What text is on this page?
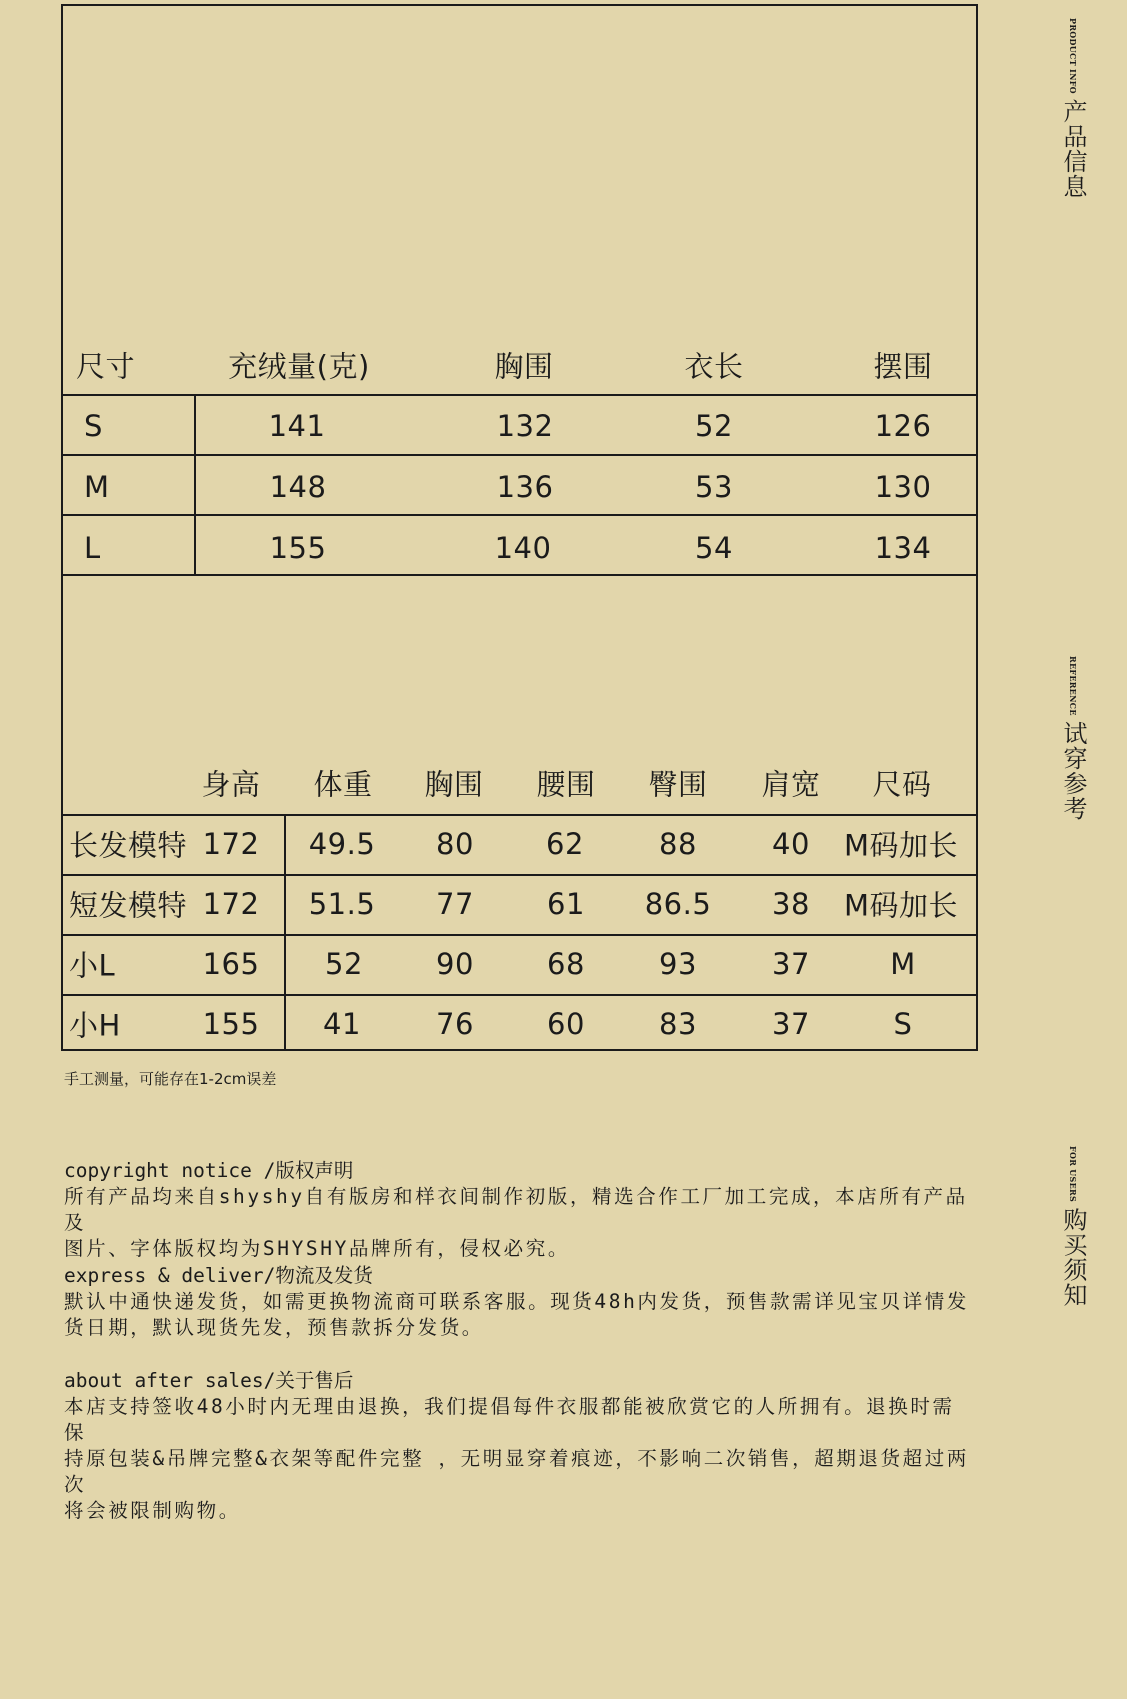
尺寸	充绒量(克)	胸围	衣长	摆围
S	141	132	52	126
M	148	136	53	130
L	155	140	54	134
身高 体重 胸围 腰围 臀围 肩宽 尺码
长发模特 172 49.5 80 62	88	40 M码加长
短发模特 172 51.5 77	61 86.5 38 M码加长
小L	165 52	90	68	93	37	M
小H	155 41	76	60	83	37	S
手工测量，可能存在1-2cm误差
copyright notice /版权声明
所有产品均来自shyshy自有版房和样衣间制作初版，精选合作工厂加工完成，本店所有产品及
图片、字体版权均为SHYSHY品牌所有，侵权必究。
express & deliver/物流及发货
默认中通快递发货，如需更换物流商可联系客服。现货48h内发货，预售款需详见宝贝详情发
货日期，默认现货先发，预售款拆分发货。
about after sales/关于售后
本店支持签收48小时内无理由退换，我们提倡每件衣服都能被欣赏它的人所拥有。退换时需保
持原包装&吊牌完整&衣架等配件完整 ，无明显穿着痕迹，不影响二次销售，超期退货超过两次
将会被限制购物。
PRODUCT INFO 产品信息
REFERENCE 试穿参考
FOR USERS 购买须知
